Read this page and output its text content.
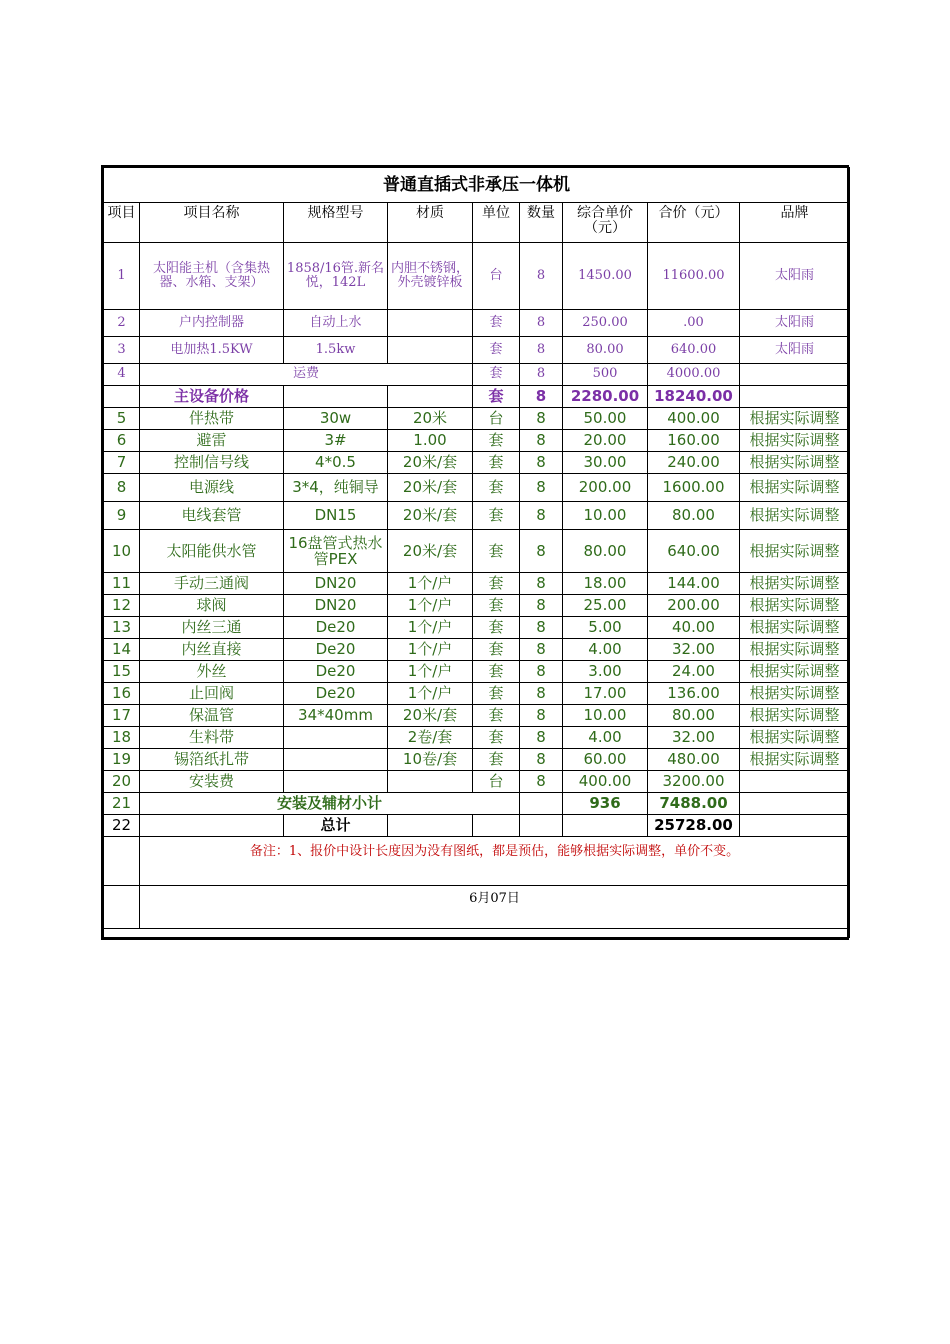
普通直插式非承压一体机								
项目	项目名称	规格型号	材质	单位	数量	综合单价（元）	合价（元）	品牌
1	太阳能主机（含集热器、水箱、支架）	1858/16管.新名悦，142L	内胆不锈钢，外壳镀锌板	台	8	1450.00	11600.00	太阳雨
2	户内控制器	自动上水		套	8	250.00	.00	太阳雨
3	电加热1.5KW	1.5kw		套	8	80.00	640.00	太阳雨
4	运费			套	8	500	4000.00	
	主设备价格			套	8	2280.00	18240.00	
5	伴热带	30w	20米	台	8	50.00	400.00	根据实际调整
6	避雷	3#	1.00	套	8	20.00	160.00	根据实际调整
7	控制信号线	4*0.5	20米/套	套	8	30.00	240.00	根据实际调整
8	电源线	3*4，纯铜导	20米/套	套	8	200.00	1600.00	根据实际调整
9	电线套管	DN15	20米/套	套	8	10.00	80.00	根据实际调整
10	太阳能供水管	16盘管式热水管PEX	20米/套	套	8	80.00	640.00	根据实际调整
11	手动三通阀	DN20	1个/户	套	8	18.00	144.00	根据实际调整
12	球阀	DN20	1个/户	套	8	25.00	200.00	根据实际调整
13	内丝三通	De20	1个/户	套	8	5.00	40.00	根据实际调整
14	内丝直接	De20	1个/户	套	8	4.00	32.00	根据实际调整
15	外丝	De20	1个/户	套	8	3.00	24.00	根据实际调整
16	止回阀	De20	1个/户	套	8	17.00	136.00	根据实际调整
17	保温管	34*40mm	20米/套	套	8	10.00	80.00	根据实际调整
18	生料带		2卷/套	套	8	4.00	32.00	根据实际调整
19	锡箔纸扎带		10卷/套	套	8	60.00	480.00	根据实际调整
20	安装费			台	8	400.00	3200.00	
21	安装及辅材小计					936	7488.00	
22		总计					25728.00	
	备注：1、报价中设计长度因为没有图纸，都是预估，能够根据实际调整，单价不变。							
	6月07日							
